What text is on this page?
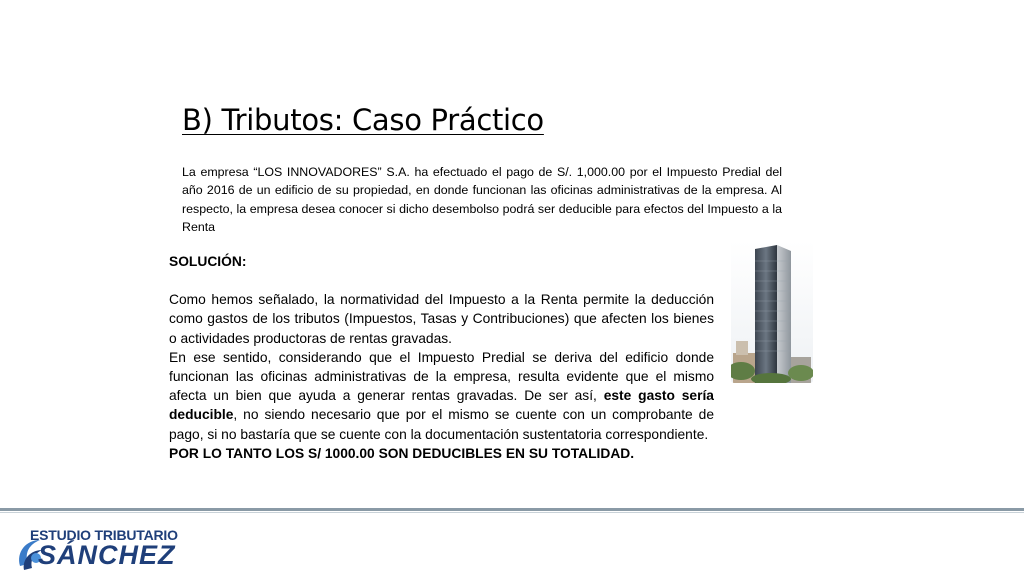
B) Tributos: Caso Práctico
La empresa “LOS INNOVADORES” S.A. ha efectuado el pago de S/. 1,000.00 por el Impuesto Predial del año 2016 de un edificio de su propiedad, en donde funcionan las oficinas administrativas de la empresa. Al respecto, la empresa desea conocer si dicho desembolso podrá ser deducible para efectos del Impuesto a la Renta

SOLUCIÓN:

Como hemos señalado, la normatividad del Impuesto a la Renta permite la deducción como gastos de los tributos (Impuestos, Tasas y Contribuciones) que afecten los bienes o actividades productoras de rentas gravadas.

En ese sentido, considerando que el Impuesto Predial se deriva del edificio donde funcionan las oficinas administrativas de la empresa, resulta evidente que el mismo afecta un bien que ayuda a generar rentas gravadas. De ser así, este gasto sería deducible, no siendo necesario que por el mismo se cuente con un comprobante de pago, si no bastaría que se cuente con la documentación sustentatoria correspondiente.

POR LO TANTO LOS S/ 1000.00 SON DEDUCIBLES EN SU TOTALIDAD.

ESTUDIO TRIBUTARIO
SÁNCHEZ
